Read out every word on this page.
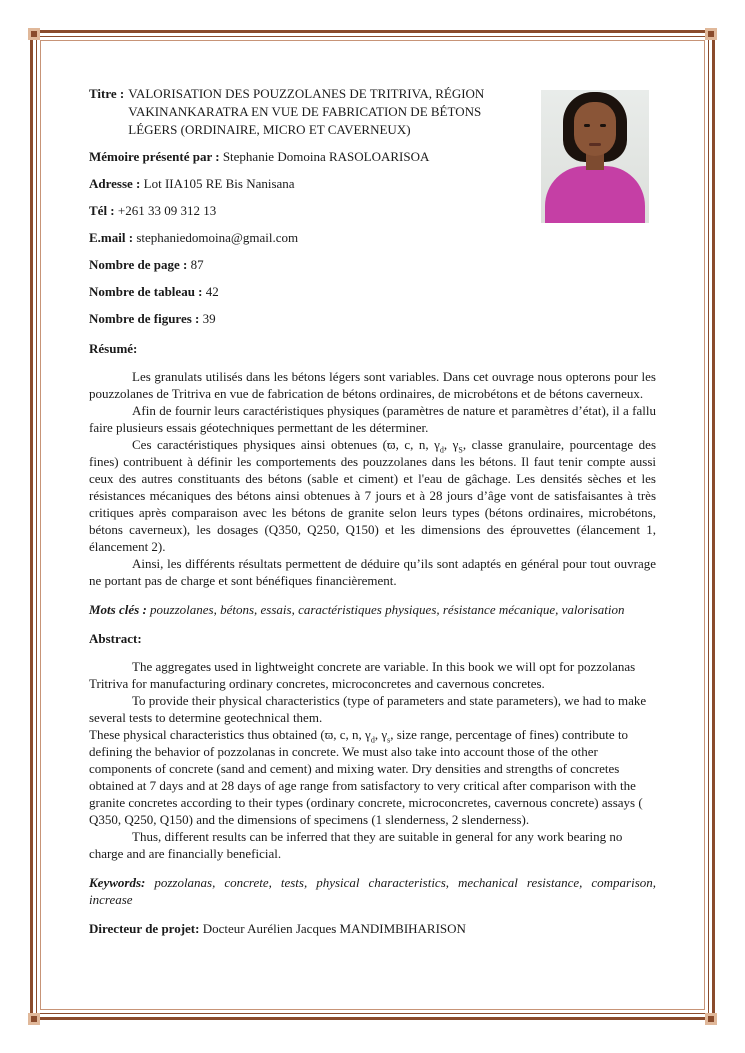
Titre : VALORISATION DES POUZZOLANES DE TRITRIVA, RÉGION
VAKINANKARATRA EN VUE DE FABRICATION DE BÉTONS
LÉGERS (ORDINAIRE, MICRO ET CAVERNEUX)
Mémoire présenté par : Stephanie Domoina RASOLOARISOA
Adresse : Lot IIA105 RE Bis Nanisana
Tél : +261 33 09 312 13
E.mail : stephaniedomoina@gmail.com
Nombre de page : 87
Nombre de tableau : 42
Nombre de figures : 39
Résumé:

Les granulats utilisés dans les bétons légers sont variables. Dans cet ouvrage nous opterons pour les pouzzolanes de Tritriva en vue de fabrication de bétons ordinaires, de microbétons et de bétons caverneux.

Afin de fournir leurs caractéristiques physiques (paramètres de nature et paramètres d’état), il a fallu faire plusieurs essais géotechniques permettant de les déterminer.

Ces caractéristiques physiques ainsi obtenues (ϖ, c, n, $\gamma_d$, $\gamma_S$, classe granulaire, pourcentage des fines) contribuent à définir les comportements des pouzzolanes dans les bétons. Il faut tenir compte aussi ceux des autres constituants des bétons (sable et ciment) et l'eau de gâchage. Les densités sèches et les résistances mécaniques des bétons ainsi obtenues à 7 jours et à 28 jours d’âge vont de satisfaisantes à très critiques après comparaison avec les bétons de granite selon leurs types (bétons ordinaires, microbétons, bétons caverneux), les dosages (Q350, Q250, Q150) et les dimensions des éprouvettes (élancement 1, élancement 2).

Ainsi, les différents résultats permettent de déduire qu’ils sont adaptés en général pour tout ouvrage ne portant pas de charge et sont bénéfiques financièrement.

Mots clés : pouzzolanes, bétons, essais, caractéristiques physiques, résistance mécanique, valorisation
Abstract:

The aggregates used in lightweight concrete are variable. In this book we will opt for pozzolanas Tritriva for manufacturing ordinary concretes, microconcretes and cavernous concretes.

To provide their physical characteristics (type of parameters and state parameters), we had to make several tests to determine geotechnical them.

These physical characteristics thus obtained (ϖ, c, n, $\gamma_d$, $\gamma_s$, size range, percentage of fines) contribute to defining the behavior of pozzolanas in concrete. We must also take into account those of the other components of concrete (sand and cement) and mixing water. Dry densities and strengths of concretes obtained at 7 days and at 28 days of age range from satisfactory to very critical after comparison with the granite concretes according to their types (ordinary concrete, microconcretes, cavernous concrete) assays ( Q350, Q250, Q150) and the dimensions of specimens (1 slenderness, 2 slenderness).

Thus, different results can be inferred that they are suitable in general for any work bearing no charge and are financially beneficial.

Keywords: pozzolanas, concrete, tests, physical characteristics, mechanical resistance, comparison, increase
Directeur de projet: Docteur Aurélien Jacques MANDIMBIHARISON
